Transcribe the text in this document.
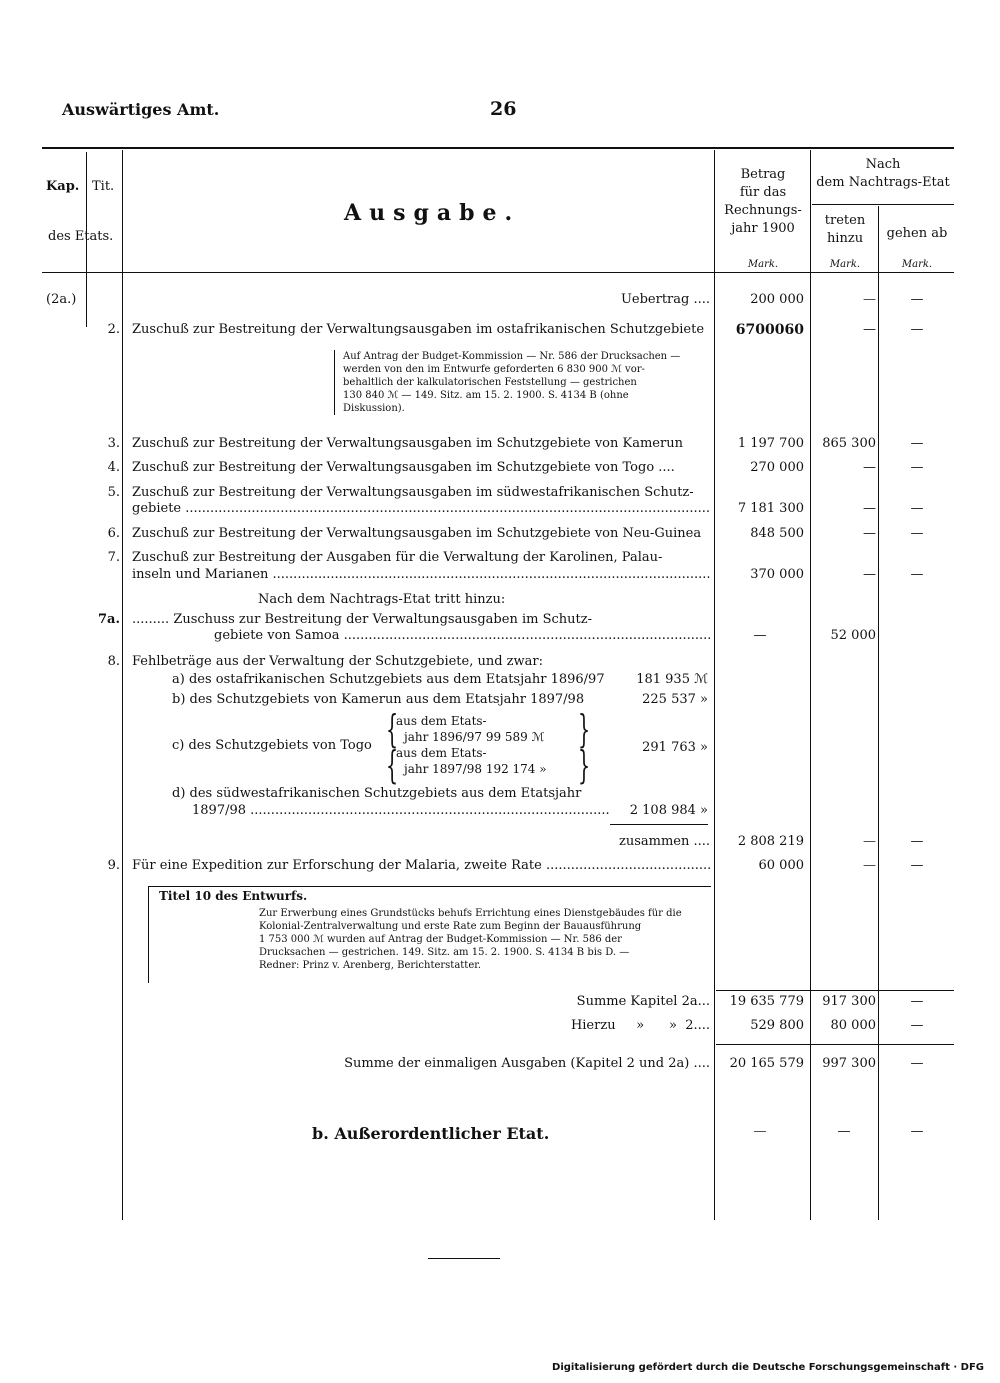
Auswärtiges Amt.	26
Kap. Tit.
des Etats.
Ausgabe.
Betrag
für das
Rechnungs-
jahr 1900
Nach
dem Nachtrags-Etat
treten
hinzu	gehen ab
Mark.	Mark.	Mark.
(2a.)	Uebertrag ....	200 000	—	—
2. Zuschuß zur Bestreitung der Verwaltungsausgaben im ostafrikanischen Schutzgebiete	6700060	—	—
Auf Antrag der Budget-Kommission — Nr. 586 der Drucksachen —
werden von den im Entwurfe geforderten 6 830 900 ℳ vor-
behaltlich der kalkulatorischen Feststellung — gestrichen
130 840 ℳ — 149. Sitz. am 15. 2. 1900. S. 4134 B (ohne
Diskussion).
3. Zuschuß zur Bestreitung der Verwaltungsausgaben im Schutzgebiete von Kamerun	1 197 700	865 300	—
4. Zuschuß zur Bestreitung der Verwaltungsausgaben im Schutzgebiete von Togo ....	270 000	—	—
5. Zuschuß zur Bestreitung der Verwaltungsausgaben im südwestafrikanischen Schutz-
gebiete .....	7 181 300	—	—
6. Zuschuß zur Bestreitung der Verwaltungsausgaben im Schutzgebiete von Neu-Guinea	848 500	—	—
7. Zuschuß zur Bestreitung der Ausgaben für die Verwaltung der Karolinen, Palau-
inseln und Marianen .....	370 000	—	—
Nach dem Nachtrags-Etat tritt hinzu:
7a. ......... Zuschuss zur Bestreitung der Verwaltungsausgaben im Schutz-
gebiete von Samoa .....	—	52 000
8. Fehlbeträge aus der Verwaltung der Schutzgebiete, und zwar:
a) des ostafrikanischen Schutzgebiets aus dem Etatsjahr 1896/97	181 935 ℳ
b) des Schutzgebiets von Kamerun aus dem Etatsjahr 1897/98	225 537 »
c) des Schutzgebiets von Togo {
{
aus dem Etats-
jahr 1896/97 99 589 ℳ
aus dem Etats-
jahr 1897/98 192 174 »
}
}	291 763 »
d) des südwestafrikanischen Schutzgebiets aus dem Etatsjahr
1897/98 .....	2 108 984 »
zusammen ....	2 808 219	—	—
9. Für eine Expedition zur Erforschung der Malaria, zweite Rate .....	60 000	—	—
Titel 10 des Entwurfs.
Zur Erwerbung eines Grundstücks behufs Errichtung eines Dienstgebäudes für die
Kolonial-Zentralverwaltung und erste Rate zum Beginn der Bauausführung
1 753 000 ℳ wurden auf Antrag der Budget-Kommission — Nr. 586 der
Drucksachen — gestrichen. 149. Sitz. am 15. 2. 1900. S. 4134 B bis D. —
Redner: Prinz v. Arenberg, Berichterstatter.
Summe Kapitel 2a...	19 635 779	917 300	—
Hierzu     »      »  2....	529 800	80 000	—
Summe der einmaligen Ausgaben (Kapitel 2 und 2a) ....	20 165 579	997 300	—
b. Außerordentlicher Etat.	—	—	—
Digitalisierung gefördert durch die Deutsche Forschungsgemeinschaft · DFG
